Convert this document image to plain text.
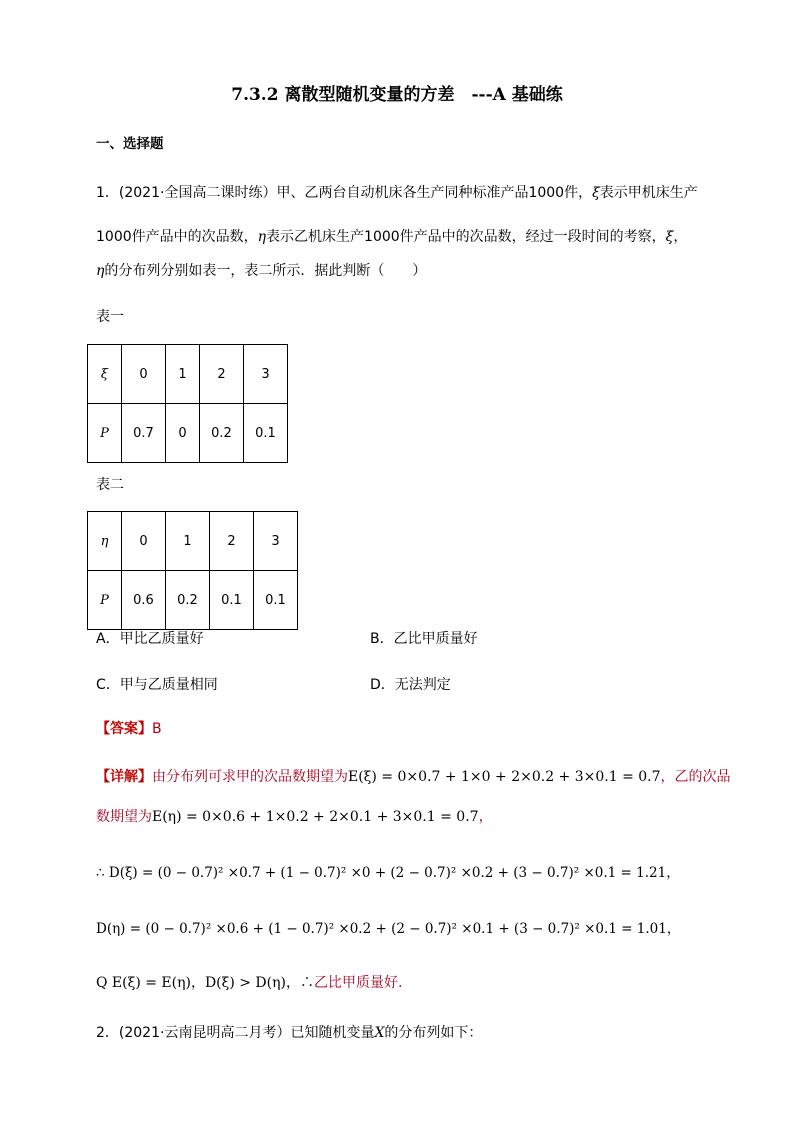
7.3.2 离散型随机变量的方差　---A 基础练
一、选择题
1．(2021·全国高二课时练）甲、乙两台自动机床各生产同种标准产品1000件，ξ表示甲机床生产
1000件产品中的次品数，η表示乙机床生产1000件产品中的次品数，经过一段时间的考察，ξ，
η的分布列分别如表一，表二所示．据此判断（　　）
表一
ξ	0	1	2	3
P	0.7	0	0.2	0.1
表二
η	0	1	2	3
P	0.6	0.2	0.1	0.1
A．甲比乙质量好	B．乙比甲质量好
C．甲与乙质量相同	D．无法判定
【答案】B
【详解】由分布列可求甲的次品数期望为E(ξ) = 0×0.7 + 1×0 + 2×0.2 + 3×0.1 = 0.7，乙的次品
数期望为E(η) = 0×0.6 + 1×0.2 + 2×0.1 + 3×0.1 = 0.7，
∴ D(ξ) = (0 − 0.7)² ×0.7 + (1 − 0.7)² ×0 + (2 − 0.7)² ×0.2 + (3 − 0.7)² ×0.1 = 1.21，
D(η) = (0 − 0.7)² ×0.6 + (1 − 0.7)² ×0.2 + (2 − 0.7)² ×0.1 + (3 − 0.7)² ×0.1 = 1.01，
Q E(ξ) = E(η)，D(ξ) > D(η)，∴乙比甲质量好.
2．(2021·云南昆明高二月考）已知随机变量X的分布列如下：
